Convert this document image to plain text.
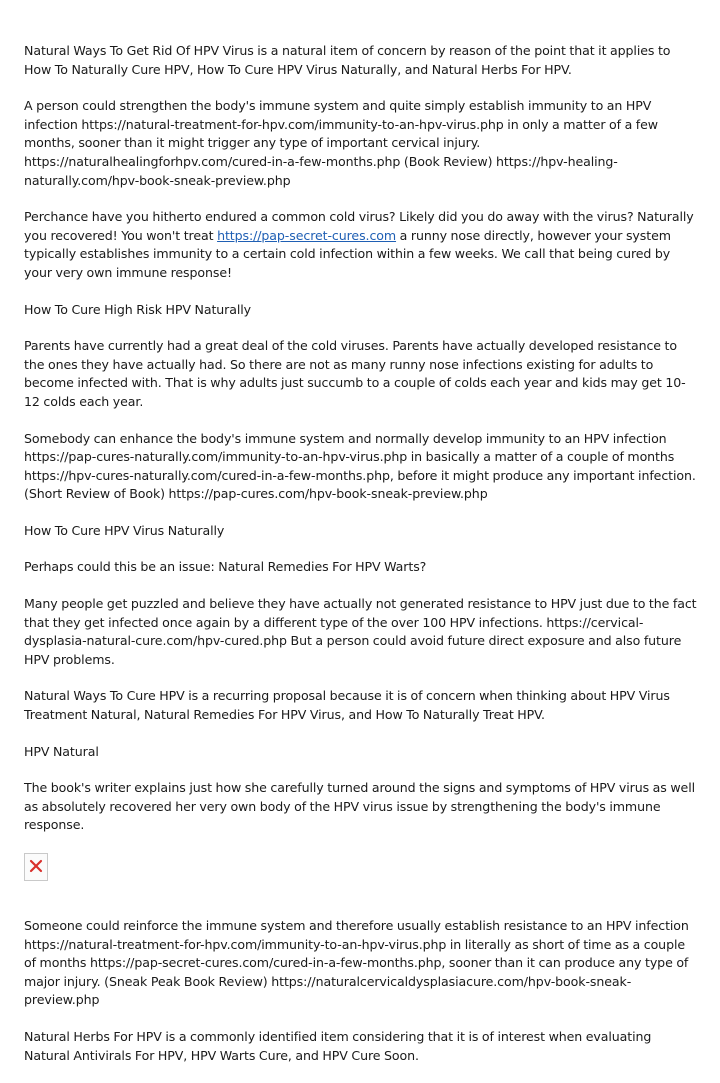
Natural Ways To Get Rid Of HPV Virus is a natural item of concern by reason of the point that it applies to How To Naturally Cure HPV, How To Cure HPV Virus Naturally, and Natural Herbs For HPV.

A person could strengthen the body's immune system and quite simply establish immunity to an HPV infection https://natural-treatment-for-hpv.com/immunity-to-an-hpv-virus.php in only a matter of a few months, sooner than it might trigger any type of important cervical injury. https://naturalhealingforhpv.com/cured-in-a-few-months.php (Book Review) https://hpv-healing-naturally.com/hpv-book-sneak-preview.php

Perchance have you hitherto endured a common cold virus? Likely did you do away with the virus? Naturally you recovered! You won't treat https://pap-secret-cures.com a runny nose directly, however your system typically establishes immunity to a certain cold infection within a few weeks. We call that being cured by your very own immune response!

How To Cure High Risk HPV Naturally

Parents have currently had a great deal of the cold viruses. Parents have actually developed resistance to the ones they have actually had. So there are not as many runny nose infections existing for adults to become infected with. That is why adults just succumb to a couple of colds each year and kids may get 10-12 colds each year.

Somebody can enhance the body's immune system and normally develop immunity to an HPV infection https://pap-cures-naturally.com/immunity-to-an-hpv-virus.php in basically a matter of a couple of months https://hpv-cures-naturally.com/cured-in-a-few-months.php, before it might produce any important infection. (Short Review of Book) https://pap-cures.com/hpv-book-sneak-preview.php

How To Cure HPV Virus Naturally

Perhaps could this be an issue: Natural Remedies For HPV Warts?

Many people get puzzled and believe they have actually not generated resistance to HPV just due to the fact that they get infected once again by a different type of the over 100 HPV infections. https://cervical-dysplasia-natural-cure.com/hpv-cured.php But a person could avoid future direct exposure and also future HPV problems.

Natural Ways To Cure HPV is a recurring proposal because it is of concern when thinking about HPV Virus Treatment Natural, Natural Remedies For HPV Virus, and How To Naturally Treat HPV.

HPV Natural

The book's writer explains just how she carefully turned around the signs and symptoms of HPV virus as well as absolutely recovered her very own body of the HPV virus issue by strengthening the body's immune response.

Someone could reinforce the immune system and therefore usually establish resistance to an HPV infection https://natural-treatment-for-hpv.com/immunity-to-an-hpv-virus.php in literally as short of time as a couple of months https://pap-secret-cures.com/cured-in-a-few-months.php, sooner than it can produce any type of major injury. (Sneak Peak Book Review) https://naturalcervicaldysplasiacure.com/hpv-book-sneak-preview.php

Natural Herbs For HPV is a commonly identified item considering that it is of interest when evaluating Natural Antivirals For HPV, HPV Warts Cure, and HPV Cure Soon.
